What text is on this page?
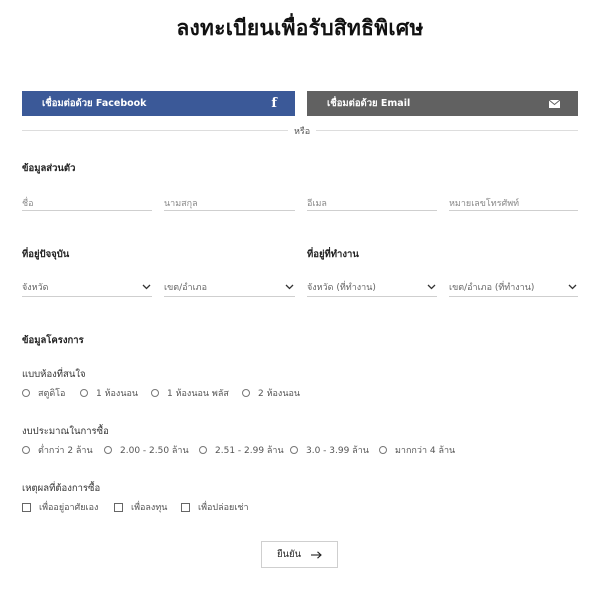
ลงทะเบียนเพื่อรับสิทธิพิเศษ
เชื่อมต่อด้วย Facebook	f	เชื่อมต่อด้วย Email
หรือ
ข้อมูลส่วนตัว
ชื่อ
นามสกุล
อีเมล
หมายเลขโทรศัพท์
ที่อยู่ปัจจุบัน	ที่อยู่ที่ทำงาน
จังหวัด	เขต/อำเภอ	จังหวัด (ที่ทำงาน)	เขต/อำเภอ (ที่ทำงาน)
ข้อมูลโครงการ
แบบห้องที่สนใจ
สตูดิโอ	1 ห้องนอน	1 ห้องนอน พลัส	2 ห้องนอน
งบประมาณในการซื้อ
ต่ำกว่า 2 ล้าน	2.00 - 2.50 ล้าน	2.51 - 2.99 ล้าน 3.0 - 3.99 ล้าน	มากกว่า 4 ล้าน
เหตุผลที่ต้องการซื้อ
เพื่ออยู่อาศัยเอง	เพื่อลงทุน	เพื่อปล่อยเช่า
ยืนยัน
